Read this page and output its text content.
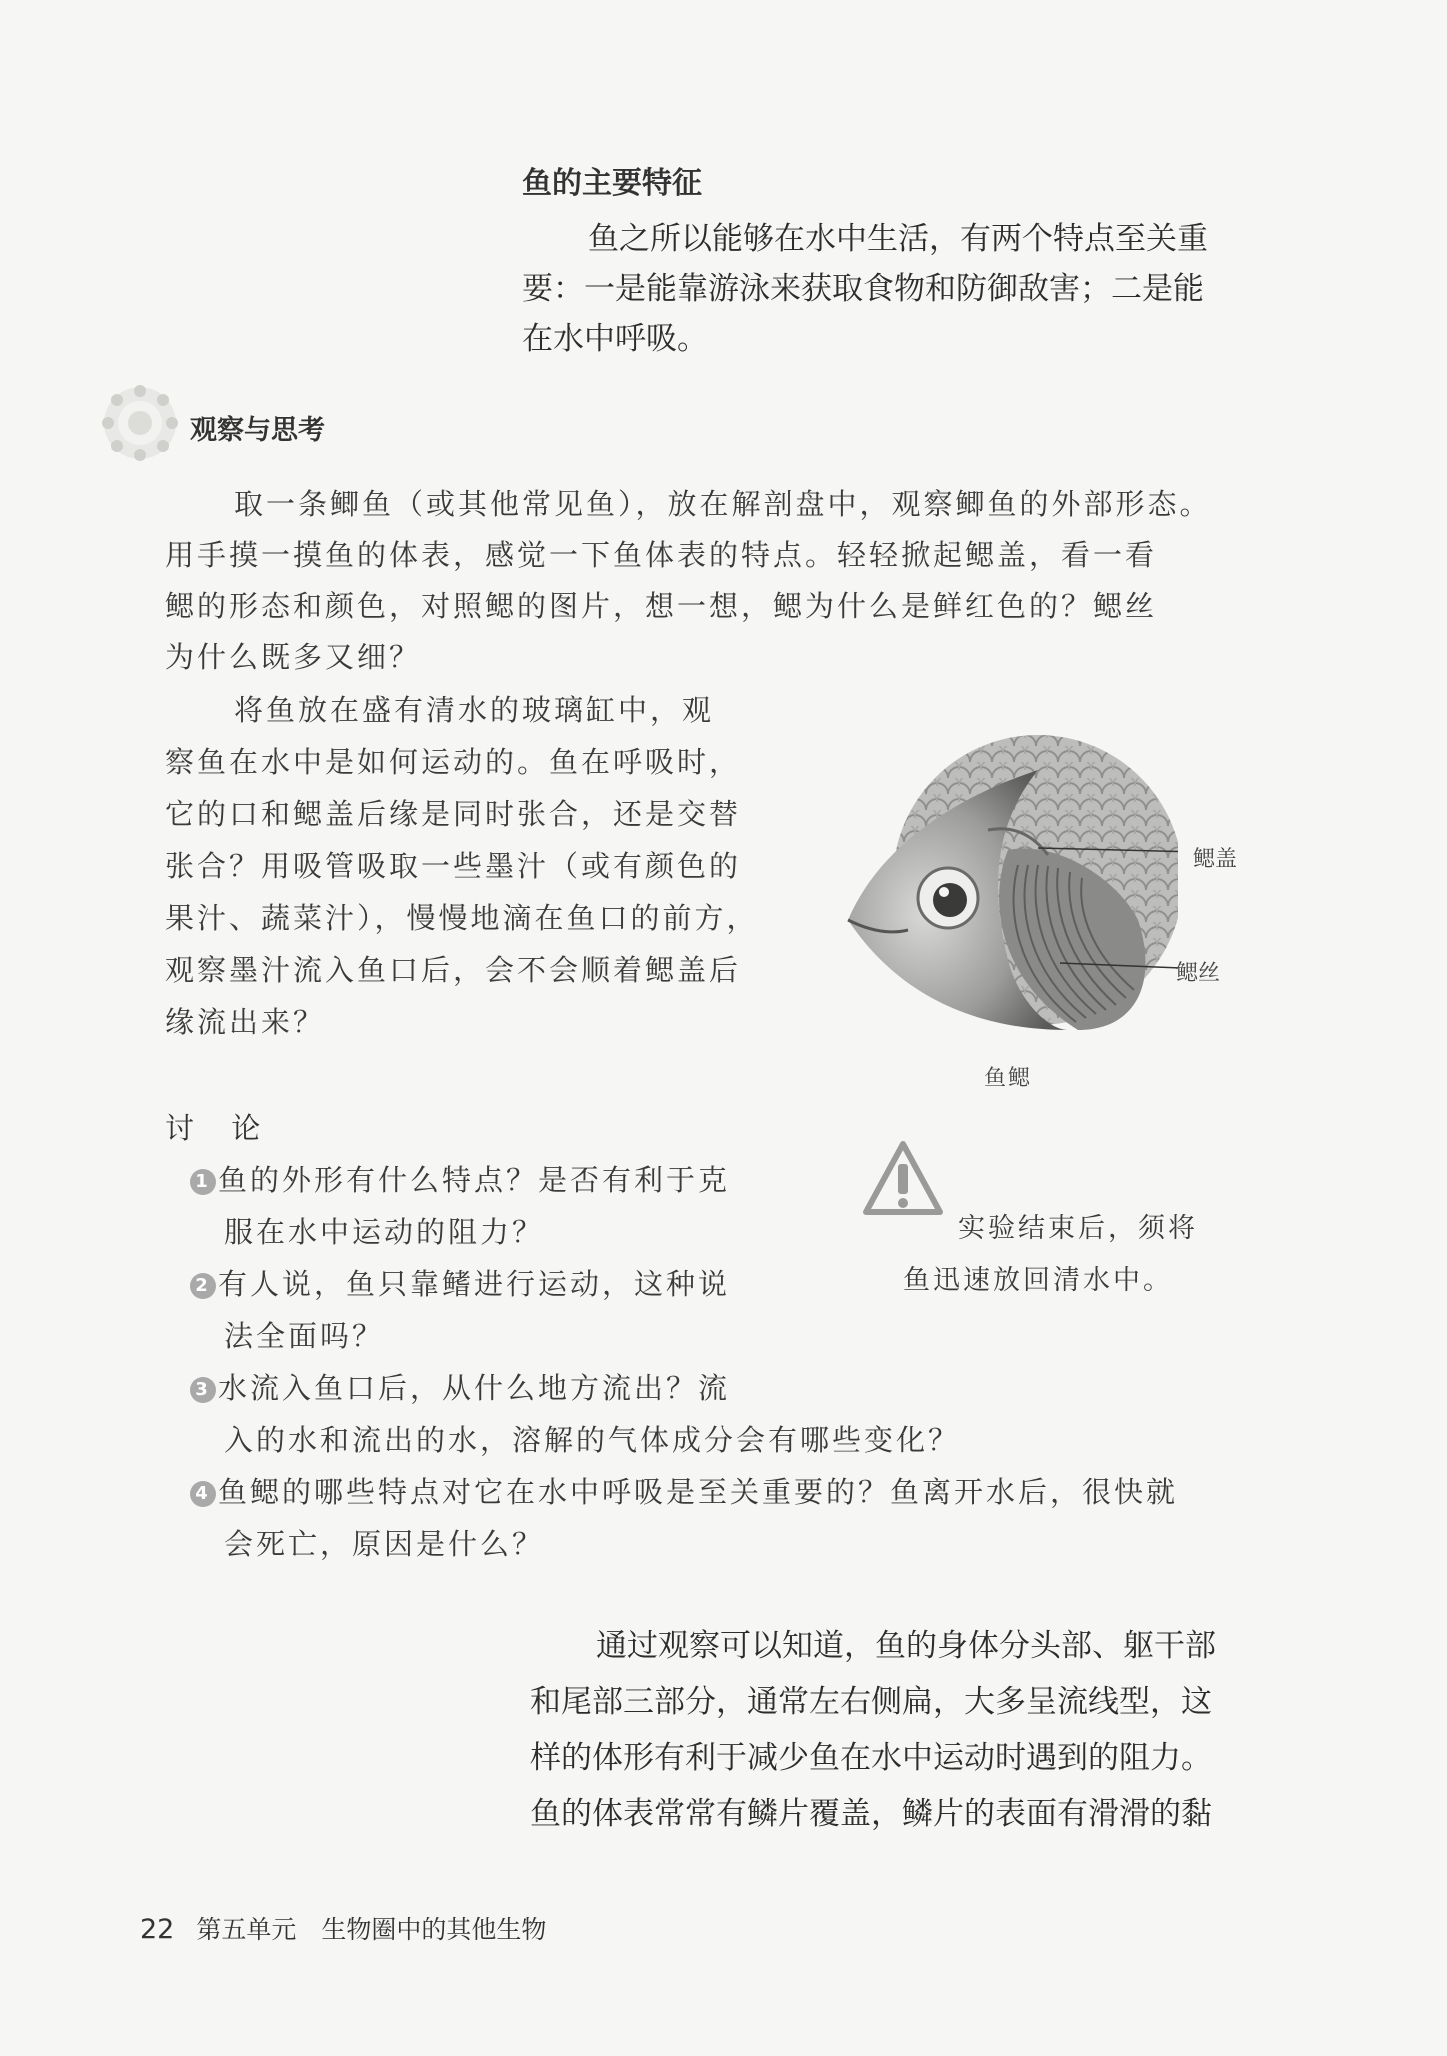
鱼的主要特征
鱼之所以能够在水中生活，有两个特点至关重
要：一是能靠游泳来获取食物和防御敌害；二是能
在水中呼吸。
观察与思考
取一条鲫鱼（或其他常见鱼），放在解剖盘中，观察鲫鱼的外部形态。
用手摸一摸鱼的体表，感觉一下鱼体表的特点。轻轻掀起鳃盖，看一看
鳃的形态和颜色，对照鳃的图片，想一想，鳃为什么是鲜红色的？鳃丝
为什么既多又细？
将鱼放在盛有清水的玻璃缸中，观
察鱼在水中是如何运动的。鱼在呼吸时，
它的口和鳃盖后缘是同时张合，还是交替
张合？用吸管吸取一些墨汁（或有颜色的
果汁、蔬菜汁），慢慢地滴在鱼口的前方，
观察墨汁流入鱼口后，会不会顺着鳃盖后
缘流出来？
鳃盖
鳃丝
鱼鳃
讨 论
1 鱼的外形有什么特点？是否有利于克
服在水中运动的阻力？
2 有人说，鱼只靠鳍进行运动，这种说
法全面吗？
3 水流入鱼口后，从什么地方流出？流
入的水和流出的水，溶解的气体成分会有哪些变化？
4 鱼鳃的哪些特点对它在水中呼吸是至关重要的？鱼离开水后，很快就
会死亡，原因是什么？
实验结束后，须将
鱼迅速放回清水中。
通过观察可以知道，鱼的身体分头部、躯干部
和尾部三部分，通常左右侧扁，大多呈流线型，这
样的体形有利于减少鱼在水中运动时遇到的阻力。
鱼的体表常常有鳞片覆盖，鳞片的表面有滑滑的黏
22 第五单元　生物圈中的其他生物
